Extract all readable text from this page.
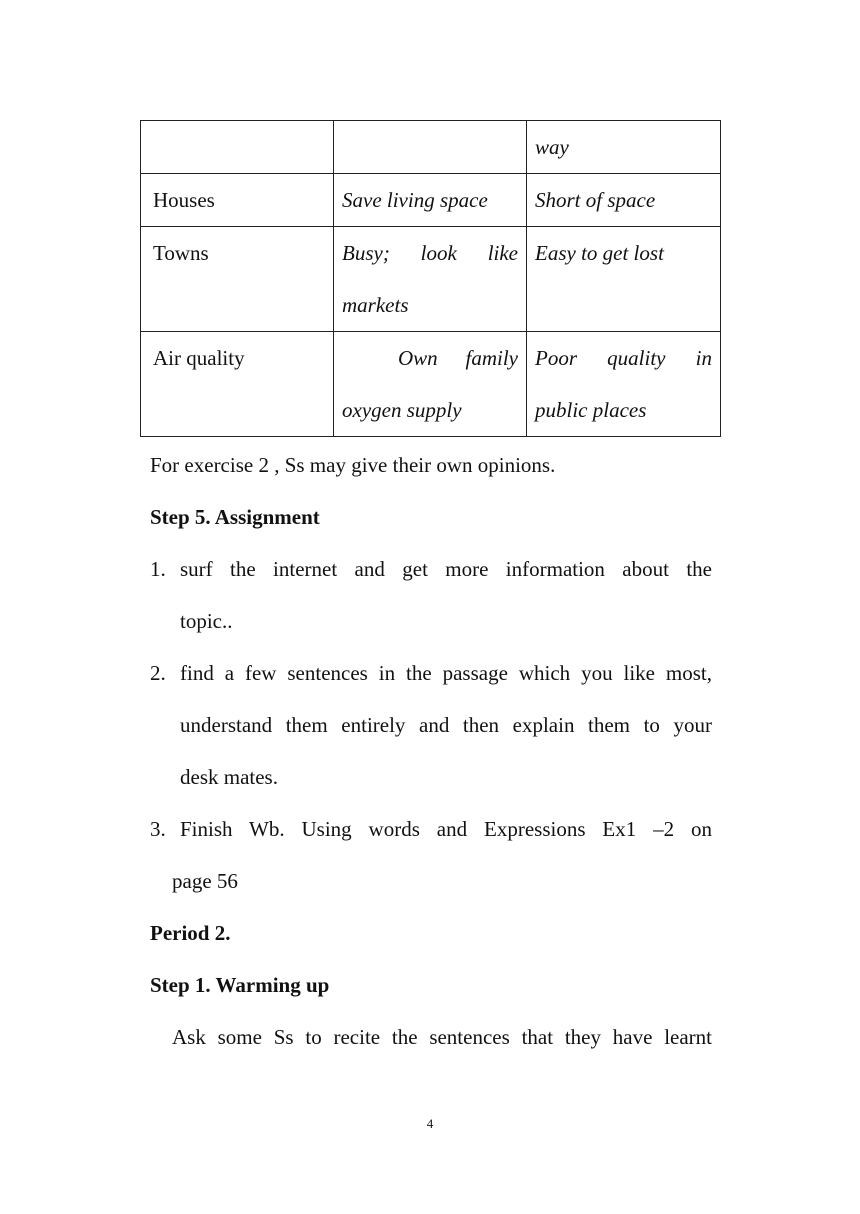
		way
Houses	Save living space	Short of space
Towns	Busy; look like markets	Easy to get lost
Air quality	Own family oxygen supply	Poor quality in public places
For exercise 2 , Ss may give their own opinions.
Step 5. Assignment
1. surf the internet and get more information about the
topic..
2. find a few sentences in the passage which you like most,
understand them entirely and then explain them to your
desk mates.
3. Finish Wb. Using words and Expressions Ex1 –2 on
page 56
Period 2.
Step 1. Warming up
Ask some Ss to recite the sentences that they have learnt
4
